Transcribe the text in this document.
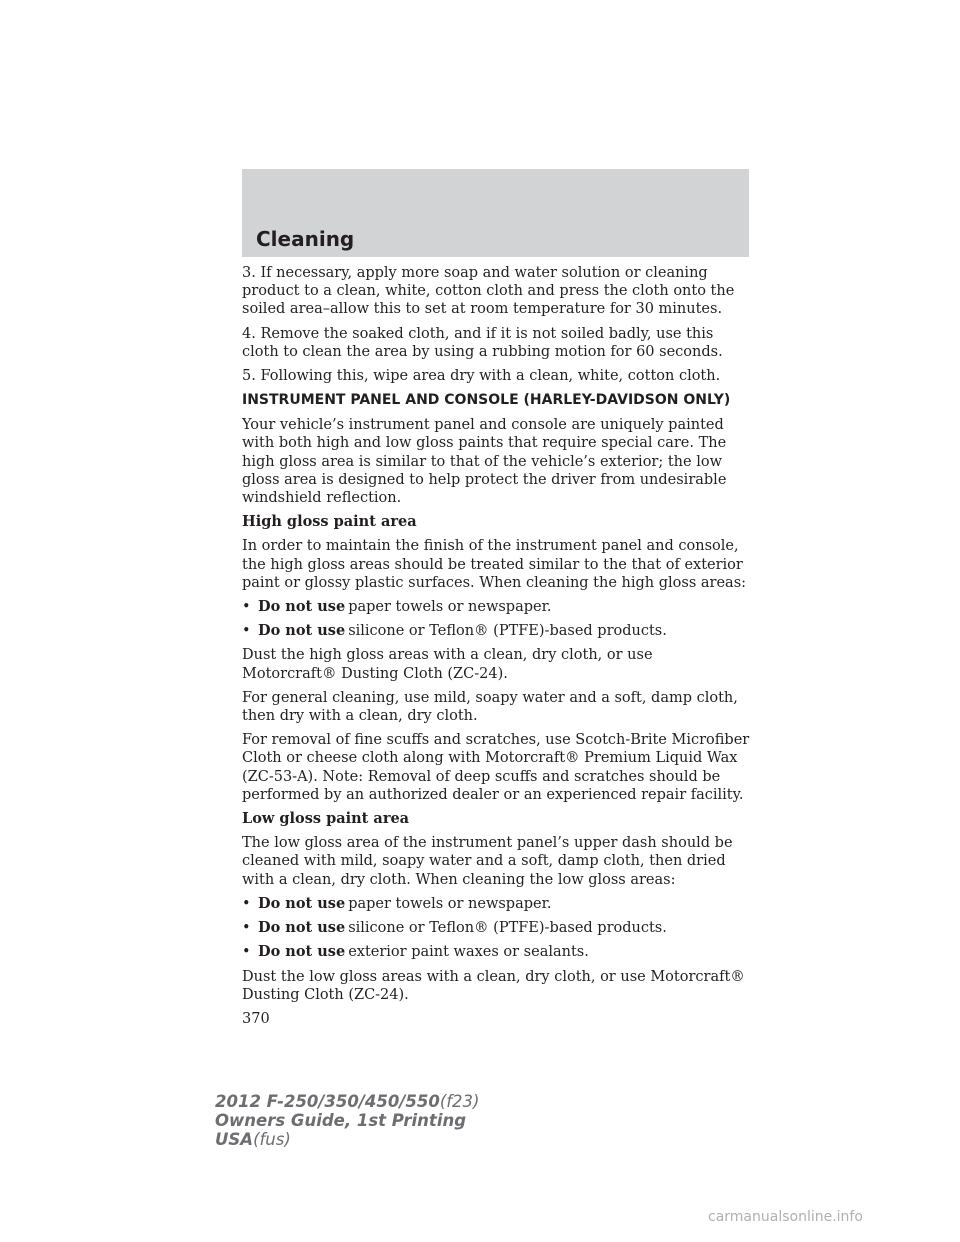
Cleaning

3. If necessary, apply more soap and water solution or cleaning product to a clean, white, cotton cloth and press the cloth onto the soiled area–allow this to set at room temperature for 30 minutes.

4. Remove the soaked cloth, and if it is not soiled badly, use this cloth to clean the area by using a rubbing motion for 60 seconds.

5. Following this, wipe area dry with a clean, white, cotton cloth.

INSTRUMENT PANEL AND CONSOLE (HARLEY-DAVIDSON ONLY)

Your vehicle’s instrument panel and console are uniquely painted with both high and low gloss paints that require special care. The high gloss area is similar to that of the vehicle’s exterior; the low gloss area is designed to help protect the driver from undesirable windshield reflection.

High gloss paint area

In order to maintain the finish of the instrument panel and console, the high gloss areas should be treated similar to the that of exterior paint or glossy plastic surfaces. When cleaning the high gloss areas:

• Do not use paper towels or newspaper.
• Do not use silicone or Teflon® (PTFE)-based products.

Dust the high gloss areas with a clean, dry cloth, or use Motorcraft® Dusting Cloth (ZC-24).

For general cleaning, use mild, soapy water and a soft, damp cloth, then dry with a clean, dry cloth.

For removal of fine scuffs and scratches, use Scotch-Brite Microfiber Cloth or cheese cloth along with Motorcraft® Premium Liquid Wax (ZC-53-A). Note: Removal of deep scuffs and scratches should be performed by an authorized dealer or an experienced repair facility.

Low gloss paint area

The low gloss area of the instrument panel’s upper dash should be cleaned with mild, soapy water and a soft, damp cloth, then dried with a clean, dry cloth. When cleaning the low gloss areas:

• Do not use paper towels or newspaper.
• Do not use silicone or Teflon® (PTFE)-based products.
• Do not use exterior paint waxes or sealants.

Dust the low gloss areas with a clean, dry cloth, or use Motorcraft® Dusting Cloth (ZC-24).

370

2012 F-250/350/450/550(f23)
Owners Guide, 1st Printing
USA(fus)
carmanualsonline.info
